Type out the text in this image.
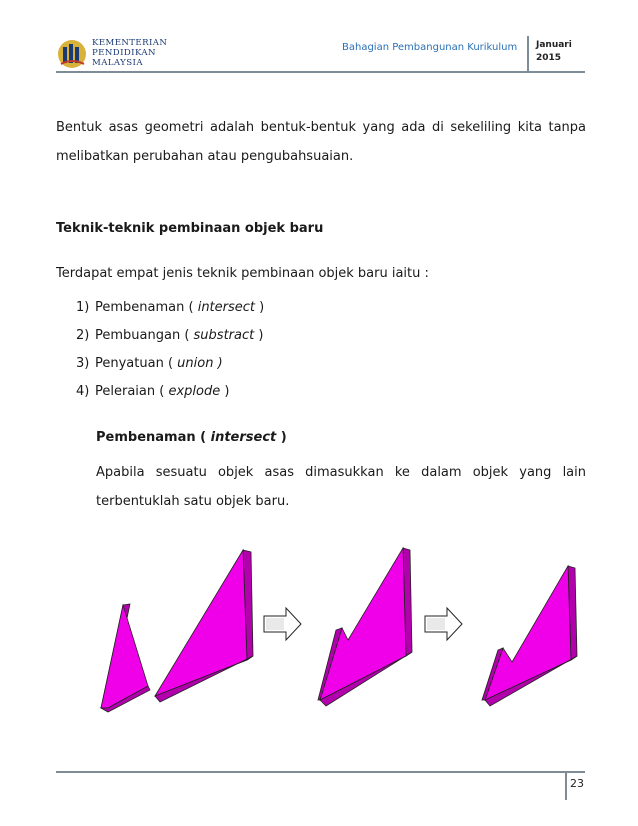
KEMENTERIAN
PENDIDIKAN
MALAYSIA
Bahagian Pembangunan Kurikulum Januari
2015
Bentuk asas geometri adalah bentuk-bentuk yang ada di sekeliling kita tanpa melibatkan perubahan atau pengubahsuaian.
Teknik-teknik pembinaan objek baru
Terdapat empat jenis teknik pembinaan objek baru iaitu :
1) Pembenaman ( intersect )
2) Pembuangan ( substract )
3) Penyatuan ( union )
4) Peleraian ( explode )
Pembenaman ( intersect )
Apabila sesuatu objek asas dimasukkan ke dalam objek yang lain terbentuklah satu objek baru.
23
